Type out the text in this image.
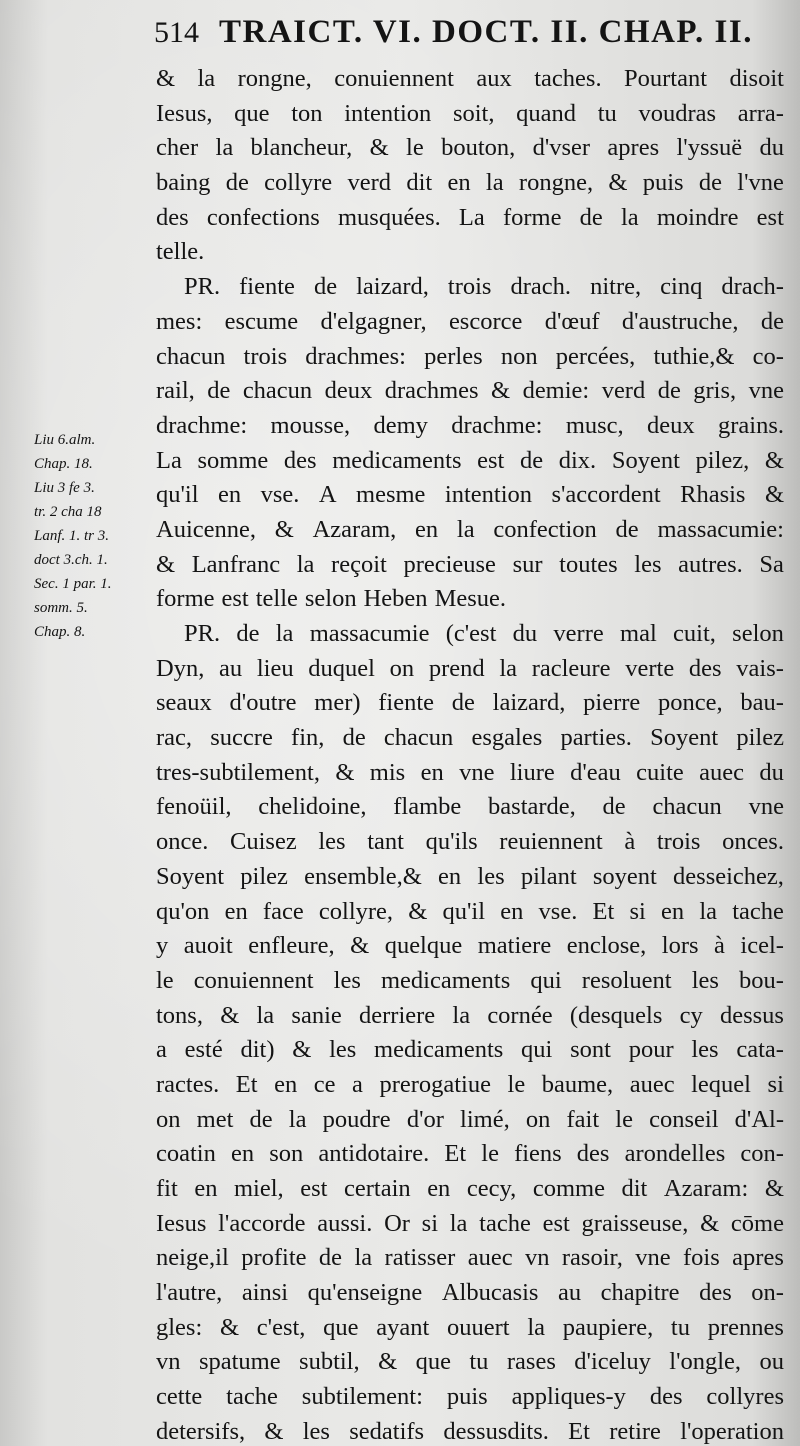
514 TRAICT. VI. DOCT. II. CHAP. II.
& la rongne, conuiennent aux taches. Pourtant disoit
Iesus, que ton intention soit, quand tu voudras arra-
cher la blancheur, & le bouton, d'vser apres l'yssuë du
baing de collyre verd dit en la rongne, & puis de l'vne
des confections musquées. La forme de la moindre est
telle.
PR. fiente de laizard, trois drach. nitre, cinq drach-
mes: escume d'elgagner, escorce d'œuf d'austruche, de
chacun trois drachmes: perles non percées, tuthie,& co-
rail, de chacun deux drachmes & demie: verd de gris, vne
drachme: mousse, demy drachme: musc, deux grains.
La somme des medicaments est de dix. Soyent pilez, &
qu'il en vse. A mesme intention s'accordent Rhasis &
Auicenne, & Azaram, en la confection de massacumie:
& Lanfranc la reçoit precieuse sur toutes les autres. Sa
forme est telle selon Heben Mesue.
PR. de la massacumie (c'est du verre mal cuit, selon
Dyn, au lieu duquel on prend la racleure verte des vais-
seaux d'outre mer) fiente de laizard, pierre ponce, bau-
rac, succre fin, de chacun esgales parties. Soyent pilez
tres-subtilement, & mis en vne liure d'eau cuite auec du
fenoüil, chelidoine, flambe bastarde, de chacun vne
once. Cuisez les tant qu'ils reuiennent à trois onces.
Soyent pilez ensemble,& en les pilant soyent desseichez,
qu'on en face collyre, & qu'il en vse. Et si en la tache
y auoit enfleure, & quelque matiere enclose, lors à icel-
le conuiennent les medicaments qui resoluent les bou-
tons, & la sanie derriere la cornée (desquels cy dessus
a esté dit) & les medicaments qui sont pour les cata-
ractes. Et en ce a prerogatiue le baume, auec lequel si
on met de la poudre d'or limé, on fait le conseil d'Al-
coatin en son antidotaire. Et le fiens des arondelles con-
fit en miel, est certain en cecy, comme dit Azaram: &
Iesus l'accorde aussi. Or si la tache est graisseuse, & cōme
neige,il profite de la ratisser auec vn rasoir, vne fois apres
l'autre, ainsi qu'enseigne Albucasis au chapitre des on-
gles: & c'est, que ayant ouuert la paupiere, tu prennes
vn spatume subtil, & que tu rases d'iceluy l'ongle, ou
cette tache subtilement: puis appliques-y des collyres
detersifs, & les sedatifs dessusdits. Et retire l'operation
Liu 6.alm.
Chap. 18.
Liu 3 fe 3.
tr. 2 cha 18
Lanf. 1. tr 3.
doct 3.ch. 1.
Sec. 1 par. 1.
somm. 5.
Chap. 8.
